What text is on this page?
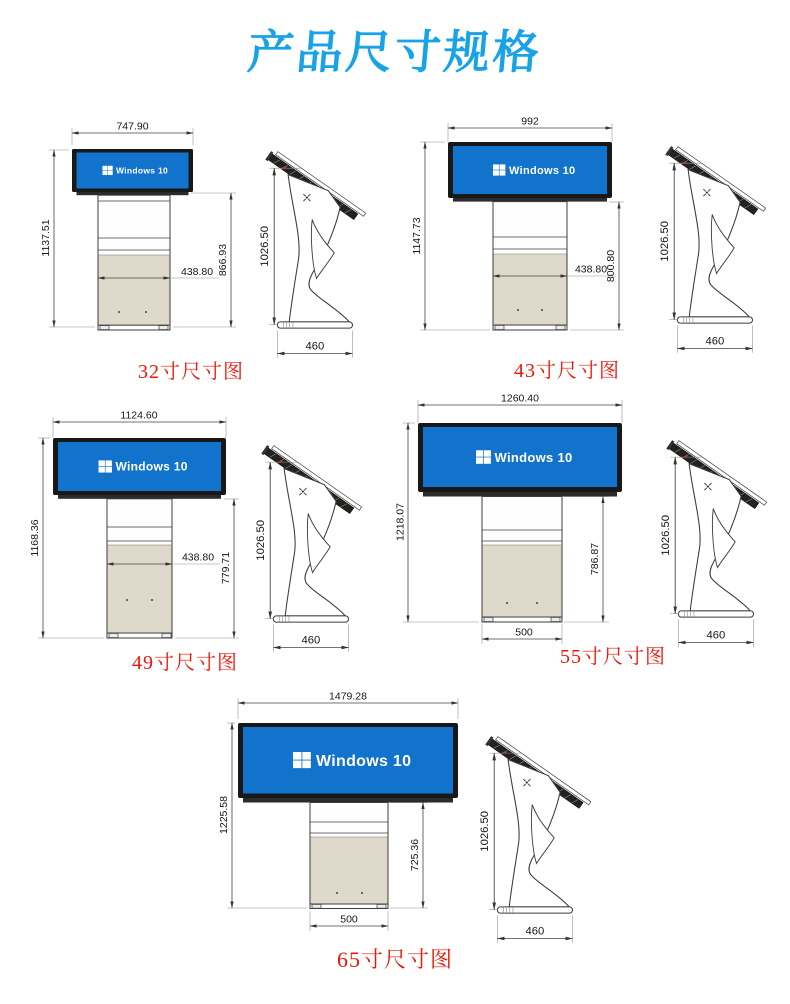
产品尺寸规格
747.90
1137.51
866.93
Windows 10
438.80
1026.50
460
32寸尺寸图
992
1147.73
800.80
Windows 10
438.80
1026.50
460
43寸尺寸图
1124.60
1168.36
779.71
Windows 10
438.80	1026.50
460
49寸尺寸图
1260.40
1218.07
786.87
Windows 10
500
1026.50
460
55寸尺寸图
1479.28
1225.58
725.36
Windows 10
500
1026.50
460
65寸尺寸图
